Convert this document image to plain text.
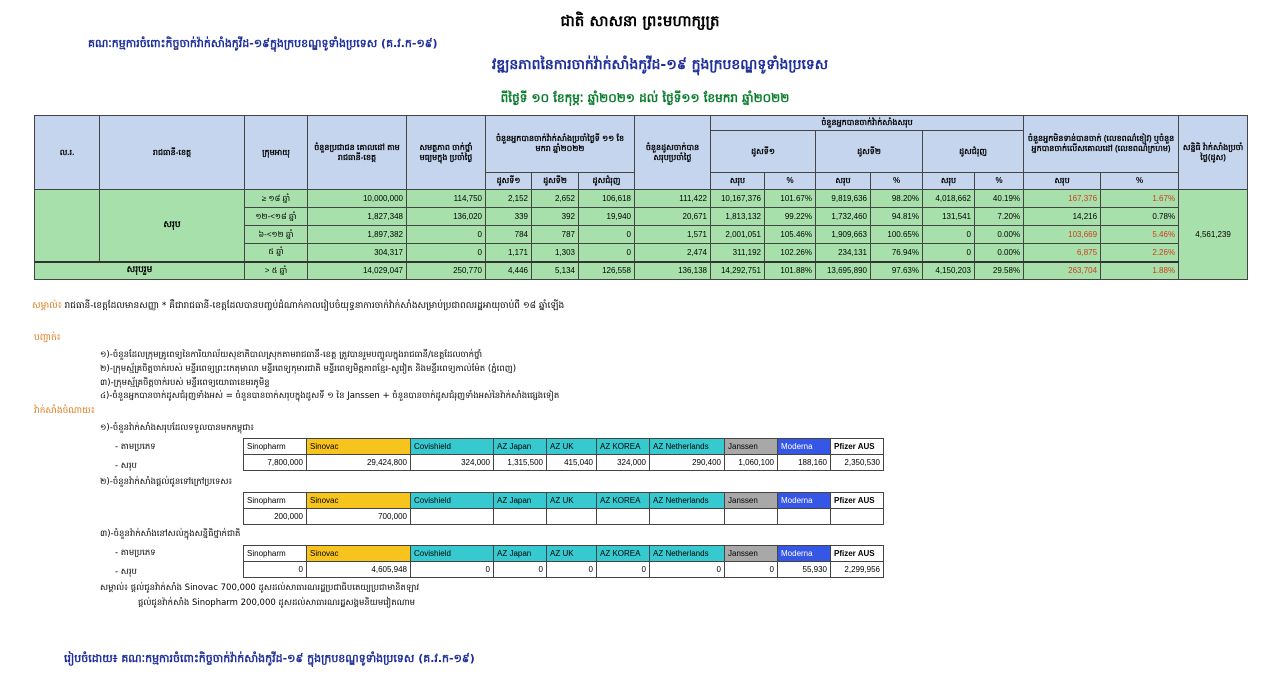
ជាតិ សាសនា ព្រះមហាក្សត្រ
គណៈកម្មការចំពោះកិច្ចចាក់វ៉ាក់សាំងកូវីដ-១៩ក្នុងក្របខណ្ឌទូទាំងប្រទេស (គ.វ.ក-១៩)
វឌ្ឍនភាពនៃការចាក់វ៉ាក់សាំងកូវីដ-១៩ ក្នុងក្របខណ្ឌទូទាំងប្រទេស
ពីថ្ងៃទី ១០ ខែកុម្ភៈ ឆ្នាំ២០២១ ដល់ ថ្ងៃទី១១ ខែមករា ឆ្នាំ២០២២
ល.រ.	រាជធានី-ខេត្ត	ក្រុមអាយុ	ចំនួនប្រជាជន គោលដៅ តាមរាជធានី-ខេត្ត	សមត្ថភាព ចាក់ថ្នាំ មធ្យមក្នុង ប្រចាំថ្ងៃ	ចំនួនអ្នកបានចាក់វ៉ាក់សាំងប្រចាំថ្ងៃទី ១១ ខែមករា ឆ្នាំ២០២២			ចំនួនដូសចាក់បាន សរុបប្រចាំថ្ងៃ	ចំនួនអ្នកបានចាក់វ៉ាក់សាំងសរុប						ចំនួនអ្នកមិនទាន់បានចាក់ (លេខពណ៌ខៀវ) ឬចំនួនអ្នកបានចាក់លើសគោលដៅ (លេខពណ៌ក្រហម)		សន្និធិ វ៉ាក់សាំងប្រចាំថ្ងៃ(ដូស)
									ដូសទី១		ដូសទី២		ដូសជំរុញ				
					ដូសទី១	ដូសទី២	ដូសជំរុញ		សរុប	%	សរុប	%	សរុប	%	សរុប	%	
	សរុប	≥ ១៨ ឆ្នាំ	10,000,000	114,750	2,152	2,652	106,618	111,422	10,167,376	101.67%	9,819,636	98.20%	4,018,662	40.19%	167,376	1.67%	4,561,239
		១២-<១៨ ឆ្នាំ	1,827,348	136,020	339	392	19,940	20,671	1,813,132	99.22%	1,732,460	94.81%	131,541	7.20%	14,216	0.78%	
		៦-<១២ ឆ្នាំ	1,897,382	0	784	787	0	1,571	2,001,051	105.46%	1,909,663	100.65%	0	0.00%	103,669	5.46%	
		៥ ឆ្នាំ	304,317	0	1,171	1,303	0	2,474	311,192	102.26%	234,131	76.94%	0	0.00%	6,875	2.26%	
សរុបរួម		> ៥ ឆ្នាំ	14,029,047	250,770	4,446	5,134	126,558	136,138	14,292,751	101.88%	13,695,890	97.63%	4,150,203	29.58%	263,704	1.88%	
សម្គាល់៖ រាជធានី-ខេត្តដែលមានសញ្ញា * គឺជារាជធានី-ខេត្តដែលបានបញ្ចប់ដំណាក់កាលរៀបចំយុទ្ធនាការចាក់វ៉ាក់សាំងសម្រាប់ប្រជាពលរដ្ឋអាយុចាប់ពី ១៨ ឆ្នាំឡើង
បញ្ជាក់៖
១)-ចំនួនដែលក្រុមគ្រូពេទ្យនៃការិយាល័យសុខាភិបាលស្រុកតាមរាជធានី-ខេត្ត ត្រូវបានរួមបញ្ចូលក្នុងរាជធានី/ខេត្តដែលចាក់ថ្នាំ
២)-ក្រុមស្ម័គ្រចិត្តចាក់របស់ មន្ទីរពេទ្យព្រះកេតុមាលា មន្ទីរពេទ្យកុមារជាតិ មន្ទីរពេទ្យមិត្តភាពខ្មែរ-សូវៀត និងមន្ទីរពេទ្យកាល់ម៉ែត (ភ្នំពេញ)
៣)-ក្រុមស្ម័គ្រចិត្តចាក់របស់ មន្ទីរពេទ្យយោធាខេមរភូមិន្ទ
៤)-ចំនួនអ្នកបានចាក់ដូសជំរុញទាំងអស់ = ចំនួនបានចាក់សរុបក្នុងដូសទី ១ នៃ Janssen + ចំនួនបានចាក់ដូសជំរុញទាំងអស់នៃវ៉ាក់សាំងផ្សេងទៀត
វ៉ាក់សាំងចំណាយ៖
១)-ចំនួនវ៉ាក់សាំងសរុបដែលទទួលបានមកកម្ពុជា៖
- តាមប្រភេទ
- សរុប
Sinopharm	Sinovac	Covishield	AZ Japan	AZ UK	AZ KOREA	AZ Netherlands	Janssen	Moderna	Pfizer AUS
7,800,000	29,424,800	324,000	1,315,500	415,040	324,000	290,400	1,060,100	188,160	2,350,530
២)-ចំនួនវ៉ាក់សាំងផ្តល់ជូនទៅក្រៅប្រទេស៖
Sinopharm	Sinovac	Covishield	AZ Japan	AZ UK	AZ KOREA	AZ Netherlands	Janssen	Moderna	Pfizer AUS
200,000	700,000								
៣)-ចំនួនវ៉ាក់សាំងនៅសល់ក្នុងសន្និធិថ្នាក់ជាតិ
- តាមប្រភេទ
- សរុប
Sinopharm	Sinovac	Covishield	AZ Japan	AZ UK	AZ KOREA	AZ Netherlands	Janssen	Moderna	Pfizer AUS
0	4,605,948	0	0	0	0	0	0	55,930	2,299,956
សម្គាល់៖ ផ្តល់ជូនវ៉ាក់សាំង Sinovac 700,000 ដូសដល់សាធារណរដ្ឋប្រជាធិបតេយ្យប្រជាមានិតឡាវ
ផ្តល់ជូនវ៉ាក់សាំង Sinopharm 200,000 ដូសដល់សាធារណរដ្ឋសង្គមនិយមវៀតណាម
រៀបចំដោយ៖ គណៈកម្មការចំពោះកិច្ចចាក់វ៉ាក់សាំងកូវីដ-១៩ ក្នុងក្របខណ្ឌទូទាំងប្រទេស (គ.វ.ក-១៩)
